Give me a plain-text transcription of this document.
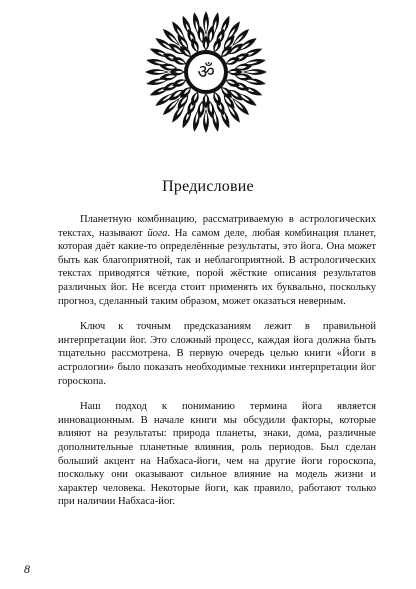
ॐ
Предисловие

Планетную комбинацию, рассматриваемую в астрологических текстах, называют йога. На самом деле, любая комбинация планет, которая даёт какие-то определённые результаты, это йога. Она может быть как благоприятной, так и неблагоприятной. В астрологических текстах приводятся чёткие, порой жёсткие описания результатов различных йог. Не всегда стоит применять их буквально, поскольку прогноз, сделанный таким образом, может оказаться неверным.

Ключ к точным предсказаниям лежит в правильной интерпретации йог. Это сложный процесс, каждая йога должна быть тщательно рассмотрена. В первую очередь целью книги «Йоги в астрологии» было показать необходимые техники интерпретации йог гороскопа.

Наш подход к пониманию термина йога является инновационным. В начале книги мы обсудили факторы, которые влияют на результаты: природа планеты, знаки, дома, различные дополнительные планетные влияния, роль периодов. Был сделан больший акцент на Набхаса-йоги, чем на другие йоги гороскопа, поскольку они оказывают сильное влияние на модель жизни и характер человека. Некоторые йоги, как правило, работают только при наличии Набхаса-йог.

8
